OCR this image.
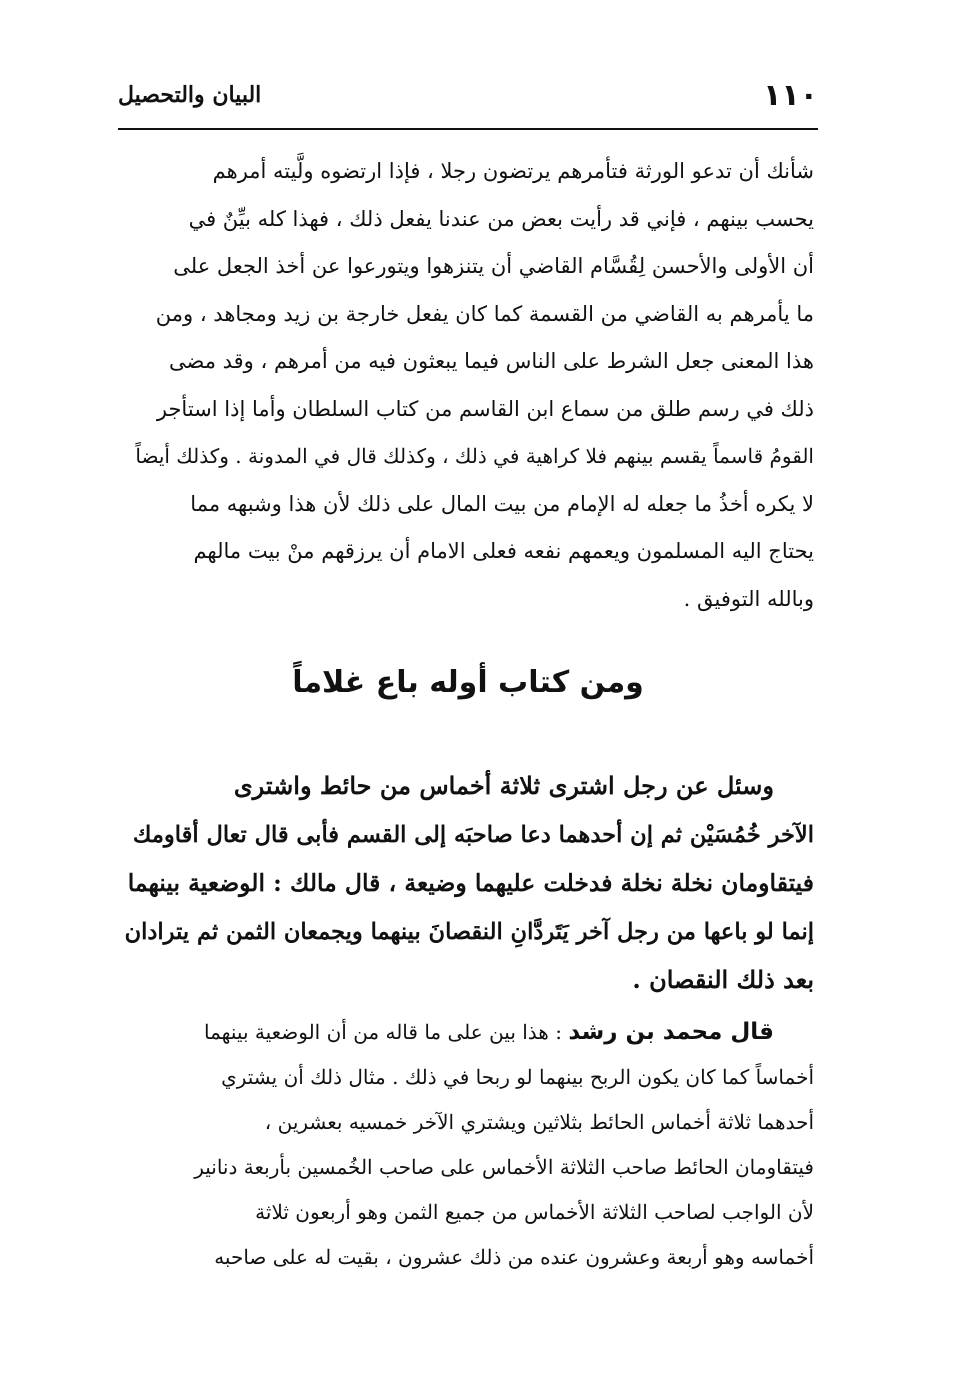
البيان والتحصيل	١١٠
شأنك أن تدعو الورثة فتأمرهم يرتضون رجلا ، فإذا ارتضوه ولَّيته أمرهم
يحسب بينهم ، فإني قد رأيت بعض من عندنا يفعل ذلك ، فهذا كله بيِّنٌ في
أن الأولى والأحسن لِقُسَّام القاضي أن يتنزهوا ويتورعوا عن أخذ الجعل على
ما يأمرهم به القاضي من القسمة كما كان يفعل خارجة بن زيد ومجاهد ، ومن
هذا المعنى جعل الشرط على الناس فيما يبعثون فيه من أمرهم ، وقد مضى
ذلك في رسم طلق من سماع ابن القاسم من كتاب السلطان وأما إذا استأجر
القومُ قاسماً يقسم بينهم فلا كراهية في ذلك ، وكذلك قال في المدونة . وكذلك أيضاً
لا يكره أخذُ ما جعله له الإمام من بيت المال على ذلك لأن هذا وشبهه مما
يحتاج اليه المسلمون ويعمهم نفعه فعلى الامام أن يرزقهم منْ بيت مالهم
وبالله التوفيق .
ومن كتاب أوله باع غلاماً
وسئل عن رجل اشترى ثلاثة أخماس من حائط واشترى
الآخر خُمُسَيْن ثم إن أحدهما دعا صاحبَه إلى القسم فأبى قال تعال أقاومك
فيتقاومان نخلة نخلة فدخلت عليهما وضيعة ، قال مالك : الوضعية بينهما
إنما لو باعها من رجل آخر يَتَردَّانِ النقصانَ بينهما ويجمعان الثمن ثم يترادان
بعد ذلك النقصان .
قال محمد بن رشد : هذا بين على ما قاله من أن الوضعية بينهما
أخماساً كما كان يكون الربح بينهما لو ربحا في ذلك . مثال ذلك أن يشتري
أحدهما ثلاثة أخماس الحائط بثلاثين ويشتري الآخر خمسيه بعشرين ،
فيتقاومان الحائط صاحب الثلاثة الأخماس على صاحب الخُمسين بأربعة دنانير
لأن الواجب لصاحب الثلاثة الأخماس من جميع الثمن وهو أربعون ثلاثة
أخماسه وهو أربعة وعشرون عنده من ذلك عشرون ، بقيت له على صاحبه
